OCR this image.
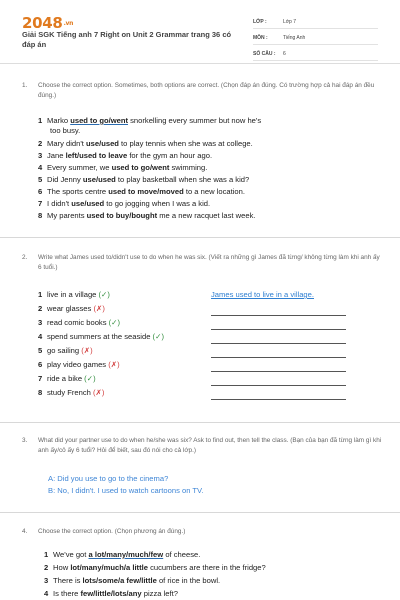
2048.vn
Giải SGK Tiếng anh 7 Right on Unit 2 Grammar trang 36 có đáp án
LỚP :	Lớp 7
MÔN :	Tiếng Anh
SỐ CÂU : 6
1. Choose the correct option. Sometimes, both options are correct. (Chọn đáp án đúng. Có trường hợp cả hai đáp án đều đúng.)
1 Marko used to go/went snorkelling every summer but now he's
too busy.
2 Mary didn't use/used to play tennis when she was at college.
3 Jane left/used to leave for the gym an hour ago.
4 Every summer, we used to go/went swimming.
5 Did Jenny use/used to play basketball when she was a kid?
6 The sports centre used to move/moved to a new location.
7 I didn't use/used to go jogging when I was a kid.
8 My parents used to buy/bought me a new racquet last week.
2. Write what James used to/didn't use to do when he was six. (Viết ra những gì James đã từng/ không từng làm khi anh ấy 6 tuổi.)
1 live in a village (✓)
2 wear glasses (✗)
3 read comic books (✓)
4 spend summers at the seaside (✓)
5 go sailing (✗)
6 play video games (✗)
7 ride a bike (✓)
8 study French (✗)
James used to live in a village.
3. What did your partner use to do when he/she was six? Ask to find out, then tell the class. (Bạn của bạn đã từng làm gì khi anh ấy/cô ấy 6 tuổi? Hỏi để biết, sau đó nói cho cả lớp.)
A: Did you use to go to the cinema?
B: No, I didn't. I used to watch cartoons on TV.
4. Choose the correct option. (Chọn phương án đúng.)
1 We've got a lot/many/much/few of cheese.
2 How lot/many/much/a little cucumbers are there in the fridge?
3 There is lots/some/a few/little of rice in the bowl.
4 Is there few/little/lots/any pizza left?
